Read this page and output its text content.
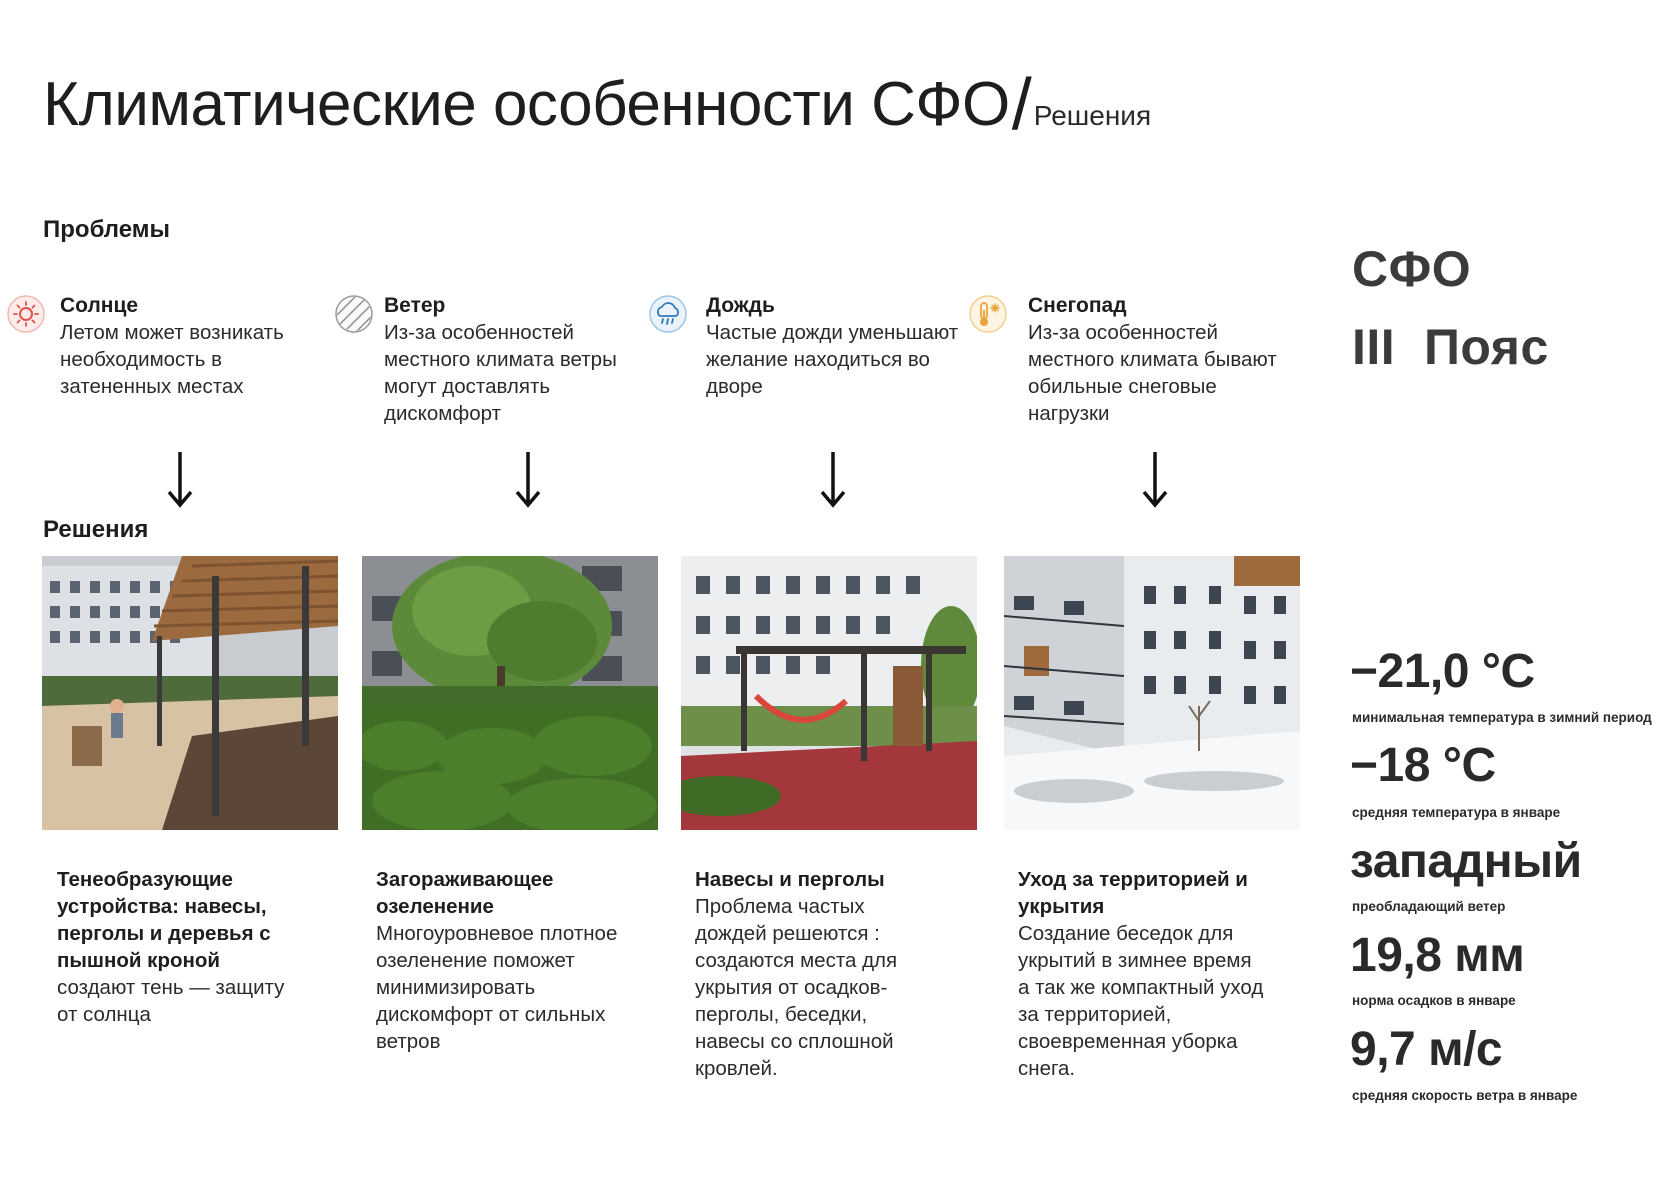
Климатические особенности СФО/Решения
Проблемы
Солнце
Летом может возникать необходимость в затененных местах
Ветер
Из-за особенностей местного климата ветры могут доставлять дискомфорт
Дождь
Частые дожди уменьшают желание находиться во дворе
Снегопад
Из-за особенностей местного климата бывают обильные снеговые нагрузки
Решения
Тенеобразующие устройства: навесы, перголы и деревья с пышной кроной
создают тень — защиту от солнца
Загораживающее озеленение
Многоуровневое плотное озеленение поможет минимизировать дискомфорт от сильных ветров
Навесы и перголы
Проблема частых дождей решеются : создаются места для укрытия от осадков- перголы, беседки, навесы со сплошной кровлей.
Уход за территорией и укрытия
Создание беседок для укрытий в зимнее время а так же компактный уход за территорией, своевременная уборка снега.
СФО
III  Пояс
−21,0 °C
минимальная температура в зимний период
−18 °C
средняя температура в январе
западный
преобладающий ветер
19,8 мм
норма осадков в январе
9,7 м/с
средняя скорость ветра в январе
